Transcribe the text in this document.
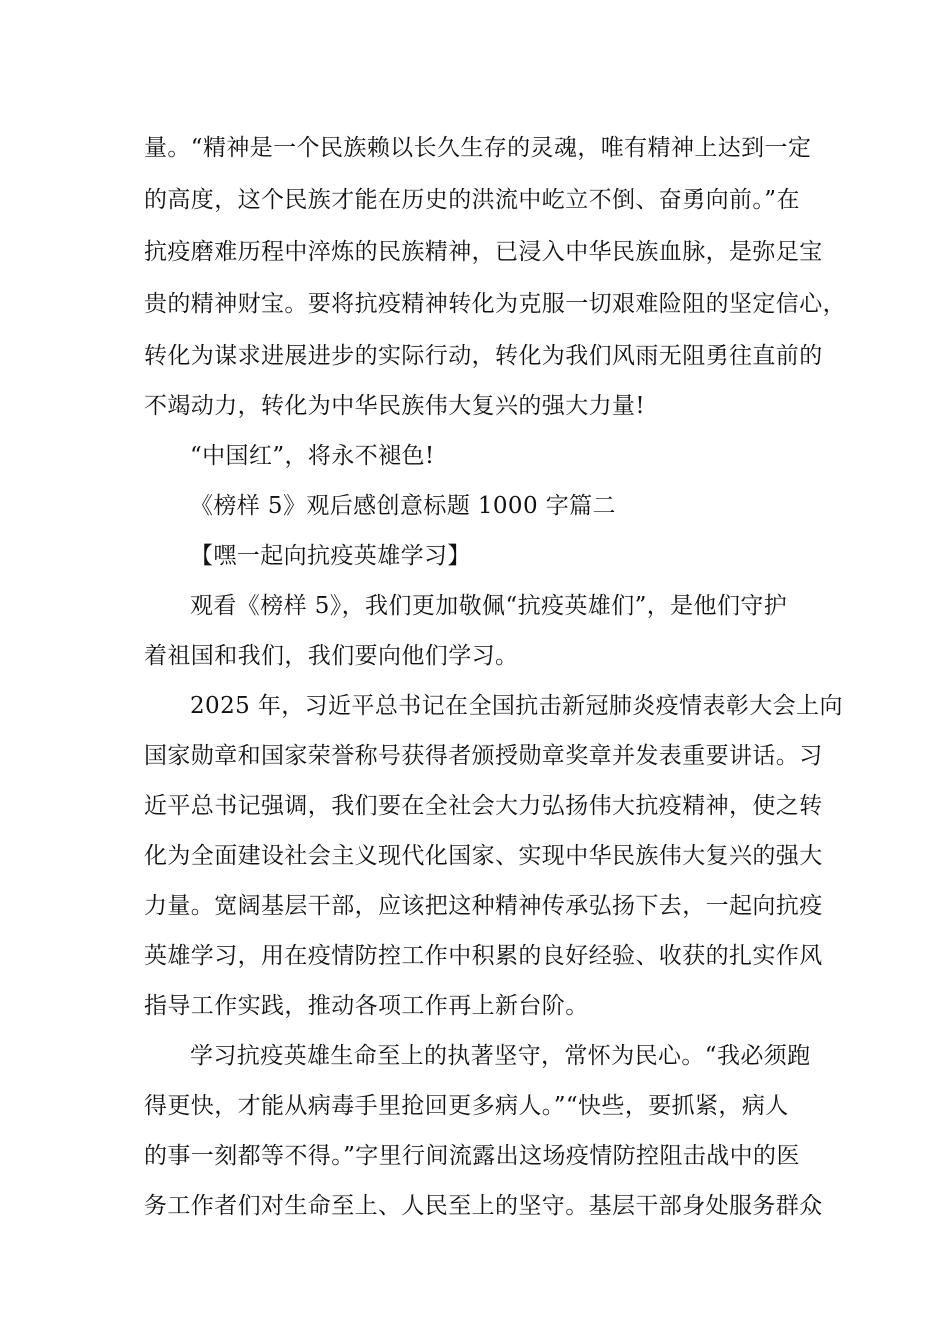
量。“精神是一个民族赖以长久生存的灵魂，唯有精神上达到一定
的高度，这个民族才能在历史的洪流中屹立不倒、奋勇向前。”在
抗疫磨难历程中淬炼的民族精神，已浸入中华民族血脉，是弥足宝
贵的精神财宝。要将抗疫精神转化为克服一切艰难险阻的坚定信心，
转化为谋求进展进步的实际行动，转化为我们风雨无阻勇往直前的
不竭动力，转化为中华民族伟大复兴的强大力量!
“中国红”，将永不褪色!
《榜样 5》观后感创意标题 1000 字篇二
【嘿一起向抗疫英雄学习】
观看《榜样 5》，我们更加敬佩“抗疫英雄们”，是他们守护
着祖国和我们，我们要向他们学习。
2025 年，习近平总书记在全国抗击新冠肺炎疫情表彰大会上向
国家勋章和国家荣誉称号获得者颁授勋章奖章并发表重要讲话。习
近平总书记强调，我们要在全社会大力弘扬伟大抗疫精神，使之转
化为全面建设社会主义现代化国家、实现中华民族伟大复兴的强大
力量。宽阔基层干部，应该把这种精神传承弘扬下去，一起向抗疫
英雄学习，用在疫情防控工作中积累的良好经验、收获的扎实作风
指导工作实践，推动各项工作再上新台阶。
学习抗疫英雄生命至上的执著坚守，常怀为民心。“我必须跑
得更快，才能从病毒手里抢回更多病人。”“快些，要抓紧，病人
的事一刻都等不得。”字里行间流露出这场疫情防控阻击战中的医
务工作者们对生命至上、人民至上的坚守。基层干部身处服务群众
